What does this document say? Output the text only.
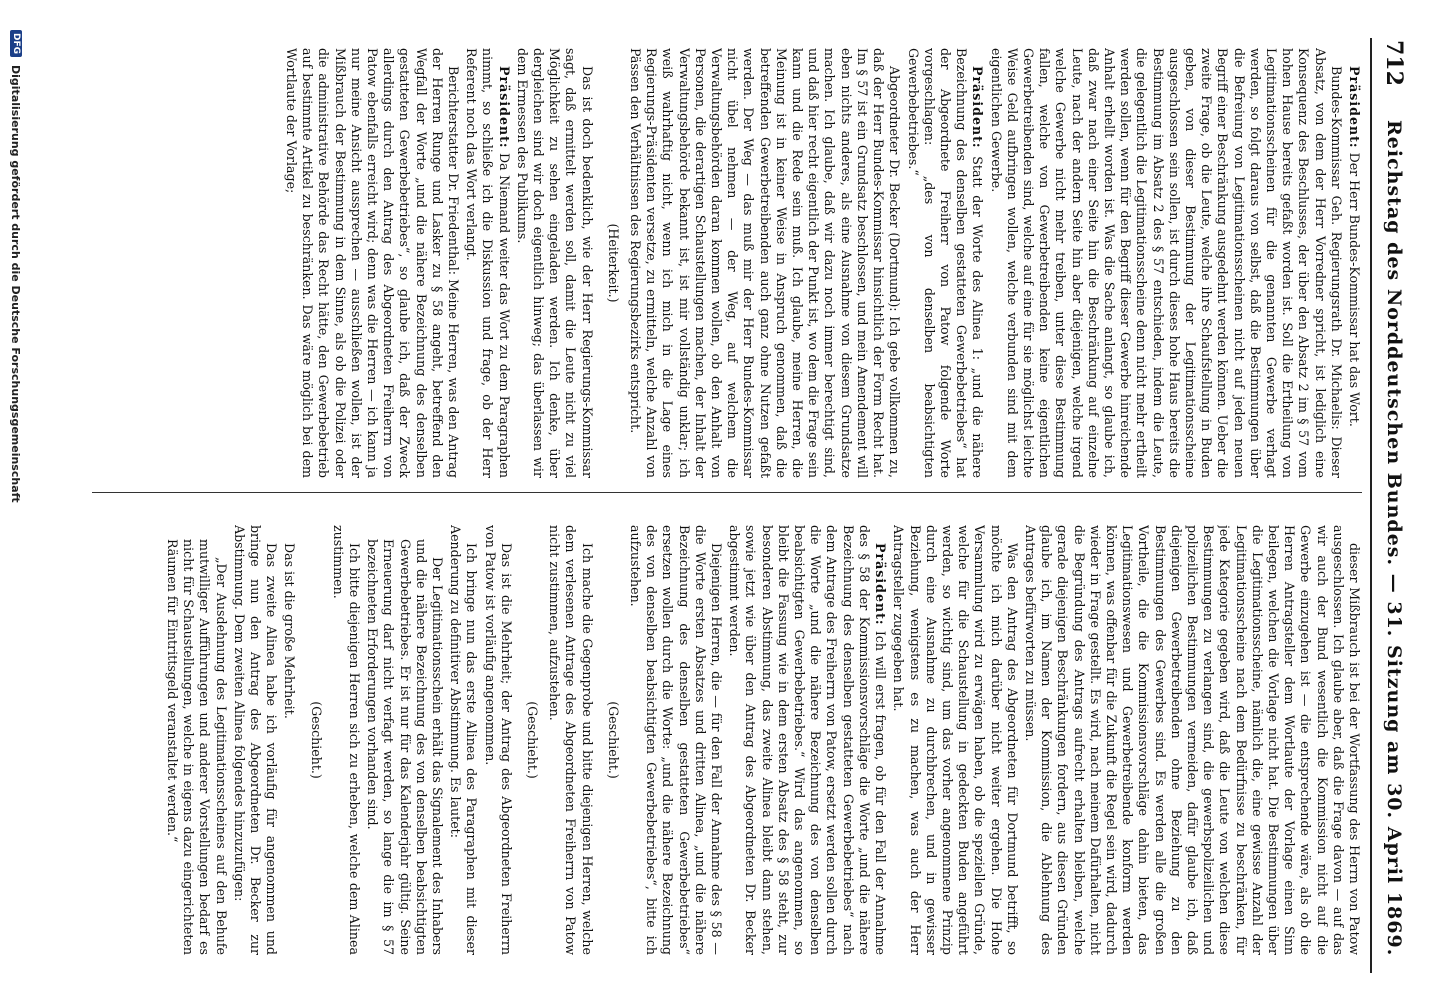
712
Reichstag des Norddeutschen Bundes. — 31. Sitzung am 30. April 1869.

Präsident: Der Herr Bundes-Kommissar hat das Wort.

Bundes-Kommissar Geh. Regierungsrath Dr. Michaelis: Dieser Absatz, von dem der Herr Vorredner spricht, ist lediglich eine Konsequenz des Beschlusses, der über den Absatz 2 im § 57 vom hohen Hause bereits gefaßt worden ist. Soll die Ertheilung von Legitimationsscheinen für die genannten Gewerbe verhagt werden, so folgt daraus von selbst, daß die Bestimmungen über die Befreiung von Legitimationsscheinen nicht auf jeden neuen Begriff einer Beschränkung ausgedehnt werden können. Ueber die zweite Frage, ob die Leute, welche ihre Schaufstellung in Buden geben, von dieser Bestimmung der Legitimationsscheine ausgeschlossen sein sollen, ist durch dieses hohe Haus bereits die Bestimmung im Absatz 2 des § 57 entschieden, indem die Leute, die gelegentlich die Legitimationsscheine denn nicht mehr ertheilt werden sollen, wenn für den Begriff dieser Gewerbe hinreichende Anhalt erhellt worden ist. Was die Sache anlangt, so glaube ich, daß zwar nach einer Seite hin die Beschränkung auf einzelne Leute, nach der andern Seite hin aber diejenigen, welche irgend welche Gewerbe nicht mehr treiben, unter diese Bestimmung fallen, welche von Gewerbetreibenden keine eigentlichen Gewerbetreibenden sind, welche auf eine für sie möglichst leichte Weise Geld aufbringen wollen, welche verbunden sind mit dem eigentlichen Gewerbe.

Präsident: Statt der Worte des Alinea 1: „und die nähere Bezeichnung des denselben gestatteten Gewerbebetriebes“ hat der Abgeordnete Freiherr von Patow folgende Worte vorgeschlagen: „des von denselben beabsichtigten Gewerbebetriebes.“

Abgeordneter Dr. Becker (Dortmund): Ich gebe vollkommen zu, daß der Herr Bundes-Kommissar hinsichtlich der Form Recht hat. Im § 57 ist ein Grundsatz beschlossen, und mein Amendement will eben nichts anderes, als eine Ausnahme von diesem Grundsatze machen. Ich glaube, daß wir dazu noch immer berechtigt sind, und daß hier recht eigentlich der Punkt ist, wo dem die Frage sein kann und die Rede sein muß. Ich glaube, meine Herren, die Meinung ist in keiner Weise in Anspruch genommen, daß die betreffenden Gewerbetreibenden auch ganz ohne Nutzen gefaßt werden. Der Weg — das muß mir der Herr Bundes-Kommissar nicht übel nehmen — der Weg, auf welchem die Verwaltungsbehörden daran kommen wollen, ob den Anhalt von Personen, die derartigen Schaustellungen machen, der Inhalt der Verwaltungsbehörde bekannt ist, ist mir vollständig unklar; ich weiß wahrhaftig nicht, wenn ich mich in die Lage eines Regierungs-Präsidenten versetze, zu ermitteln, welche Anzahl von Pässen den Verhältnissen des Regierungsbezirks entspricht.

(Heiterkeit.)

Das ist doch bedenklich, wie der Herr Regierungs-Kommissar sagt, daß ermittelt werden soll, damit die Leute nicht zu viel Möglichkeit zu sehen eingeladen werden. Ich denke, über dergleichen sind wir doch eigentlich hinweg; das überlassen wir dem Ermessen des Publikums.

Präsident: Da Niemand weiter das Wort zu dem Paragraphen nimmt, so schließe ich die Diskussion und frage, ob der Herr Referent noch das Wort verlangt.

Berichterstatter Dr. Friedenthal: Meine Herren, was den Antrag der Herren Runge und Lasker zu § 58 angeht, betreffend den Wegfall der Worte „und die nähere Bezeichnung des denselben gestatteten Gewerbebetriebes“, so glaube ich, daß der Zweck allerdings durch den Antrag des Abgeordneten Freiherrn von Patow ebenfalls erreicht wird; denn was die Herren — ich kann ja nur meine Ansicht aussprechen — ausschließen wollen, ist der Mißbrauch der Bestimmung in dem Sinne, als ob die Polizei oder die administrative Behörde das Recht hätte, den Gewerbebetrieb auf bestimmte Artikel zu beschränken. Das wäre möglich bei dem Wortlaute der Vorlage;

dieser Mißbrauch ist bei der Wortfassung des Herrn von Patow ausgeschlossen. Ich glaube aber, daß die Frage davon — auf das wir auch der Bund wesentlich die Kommission nicht auf die Gewerbe einzugehen ist — die entsprechende wäre, als ob die Herren Antragsteller dem Wortlaute der Vorlage einen Sinn beilegen, welchen die Vorlage nicht hat. Die Bestimmungen über die Legitimationsscheine, nämlich die, eine gewisse Anzahl der Legitimationsscheine nach dem Bedürfnisse zu beschränken, für jede Kategorie gegeben wird, daß die Leute von welchen diese Bestimmungen zu verlangen sind, die gewerbspolizeilichen und polizeilichen Bestimmungen vermeiden, dafür glaube ich, daß diejenigen Gewerbetreibenden ohne Beziehung zu den Bestimmungen des Gewerbes sind. Es werden alle die großen Vortheile, die die Kommissionsvorschläge dahin bieten, das Legitimationswesen und Gewerbetreibende konform werden können, was offenbar für die Zukunft die Regel sein wird, dadurch wieder in Frage gestellt. Es wird, nach meinem Dafürhalten, nicht die Begründung des Antrags aufrecht erhalten bleiben, welche gerade diejenigen Beschränkungen fordern, aus diesen Gründen glaube ich, im Namen der Kommission, die Ablehnung des Antrages befürworten zu müssen.

Was den Antrag des Abgeordneten für Dortmund betrifft, so möchte ich mich darüber nicht weiter ergehen. Die Hohe Versammlung wird zu erwägen haben, ob die speziellen Gründe, welche für die Schaustellung in gedeckten Buden angeführt werden, so wichtig sind, um das vorher angenommene Prinzip durch eine Ausnahme zu durchbrechen, und in gewisser Beziehung, wenigstens es zu machen, was auch der Herr Antragsteller zugegeben hat.

Präsident: Ich will erst fragen, ob für den Fall der Annahme des § 58 der Kommissionsvorschläge die Worte „und die nähere Bezeichnung des denselben gestatteten Gewerbebetriebes“ nach dem Antrage des Freiherrn von Patow, ersetzt werden sollen durch die Worte „und die nähere Bezeichnung des von denselben beabsichtigten Gewerbebetriebes.“ Wird das angenommen, so bleibt die Fassung wie in dem ersten Absatz des § 58 steht, zur besonderen Abstimmung, das zweite Alinea bleibt dann stehen, sowie jetzt wie über den Antrag des Abgeordneten Dr. Becker abgestimmt werden.

Diejenigen Herren, die — für den Fall der Annahme des § 58 — die Worte ersten Absatzes und dritten Alinea, „und die nähere Bezeichnung des denselben gestatteten Gewerbebetriebes“ ersetzen wollen durch die Worte: „und die nähere Bezeichnung des von denselben beabsichtigten Gewerbebetriebes“, bitte ich aufzustehen.

(Geschieht.)

Ich mache die Gegenprobe und bitte diejenigen Herren, welche dem verlesenen Antrage des Abgeordneten Freiherrn von Patow nicht zustimmen, aufzustehen.

(Geschieht.)

Das ist die Mehrheit; der Antrag des Abgeordneten Freiherrn von Patow ist vorläufig angenommen.

Ich bringe nun das erste Alinea des Paragraphen mit dieser Aenderung zu definitiver Abstimmung. Es lautet:

Der Legitimationsschein erhält das Signalement des Inhabers und die nähere Bezeichnung des von denselben beabsichtigten Gewerbebetriebes. Er ist nur für das Kalenderjahr gültig. Seine Erneuerung darf nicht verfagt werden, so lange die im § 57 bezeichneten Erforderungen vorhanden sind.

Ich bitte diejenigen Herren sich zu erheben, welche dem Alinea zustimmen.

(Geschieht.)

Das ist die große Mehrheit.

Das zweite Alinea habe ich vorläufig für angenommen und bringe nun den Antrag des Abgeordneten Dr. Becker zur Abstimmung. Dem zweiten Alinea folgendes hinzuzufügen:

„Der Ausdehnung des Legitimationsscheines auf den Behufe mutwilliger Aufführungen und anderer Vorstellungen bedarf es nicht für Schaustellungen, welche in eigens dazu eingerichteten Räumen für Eintrittsgeld veranstaltet werden.“

DFG
Digitalisierung gefördert durch die Deutsche Forschungsgemeinschaft
